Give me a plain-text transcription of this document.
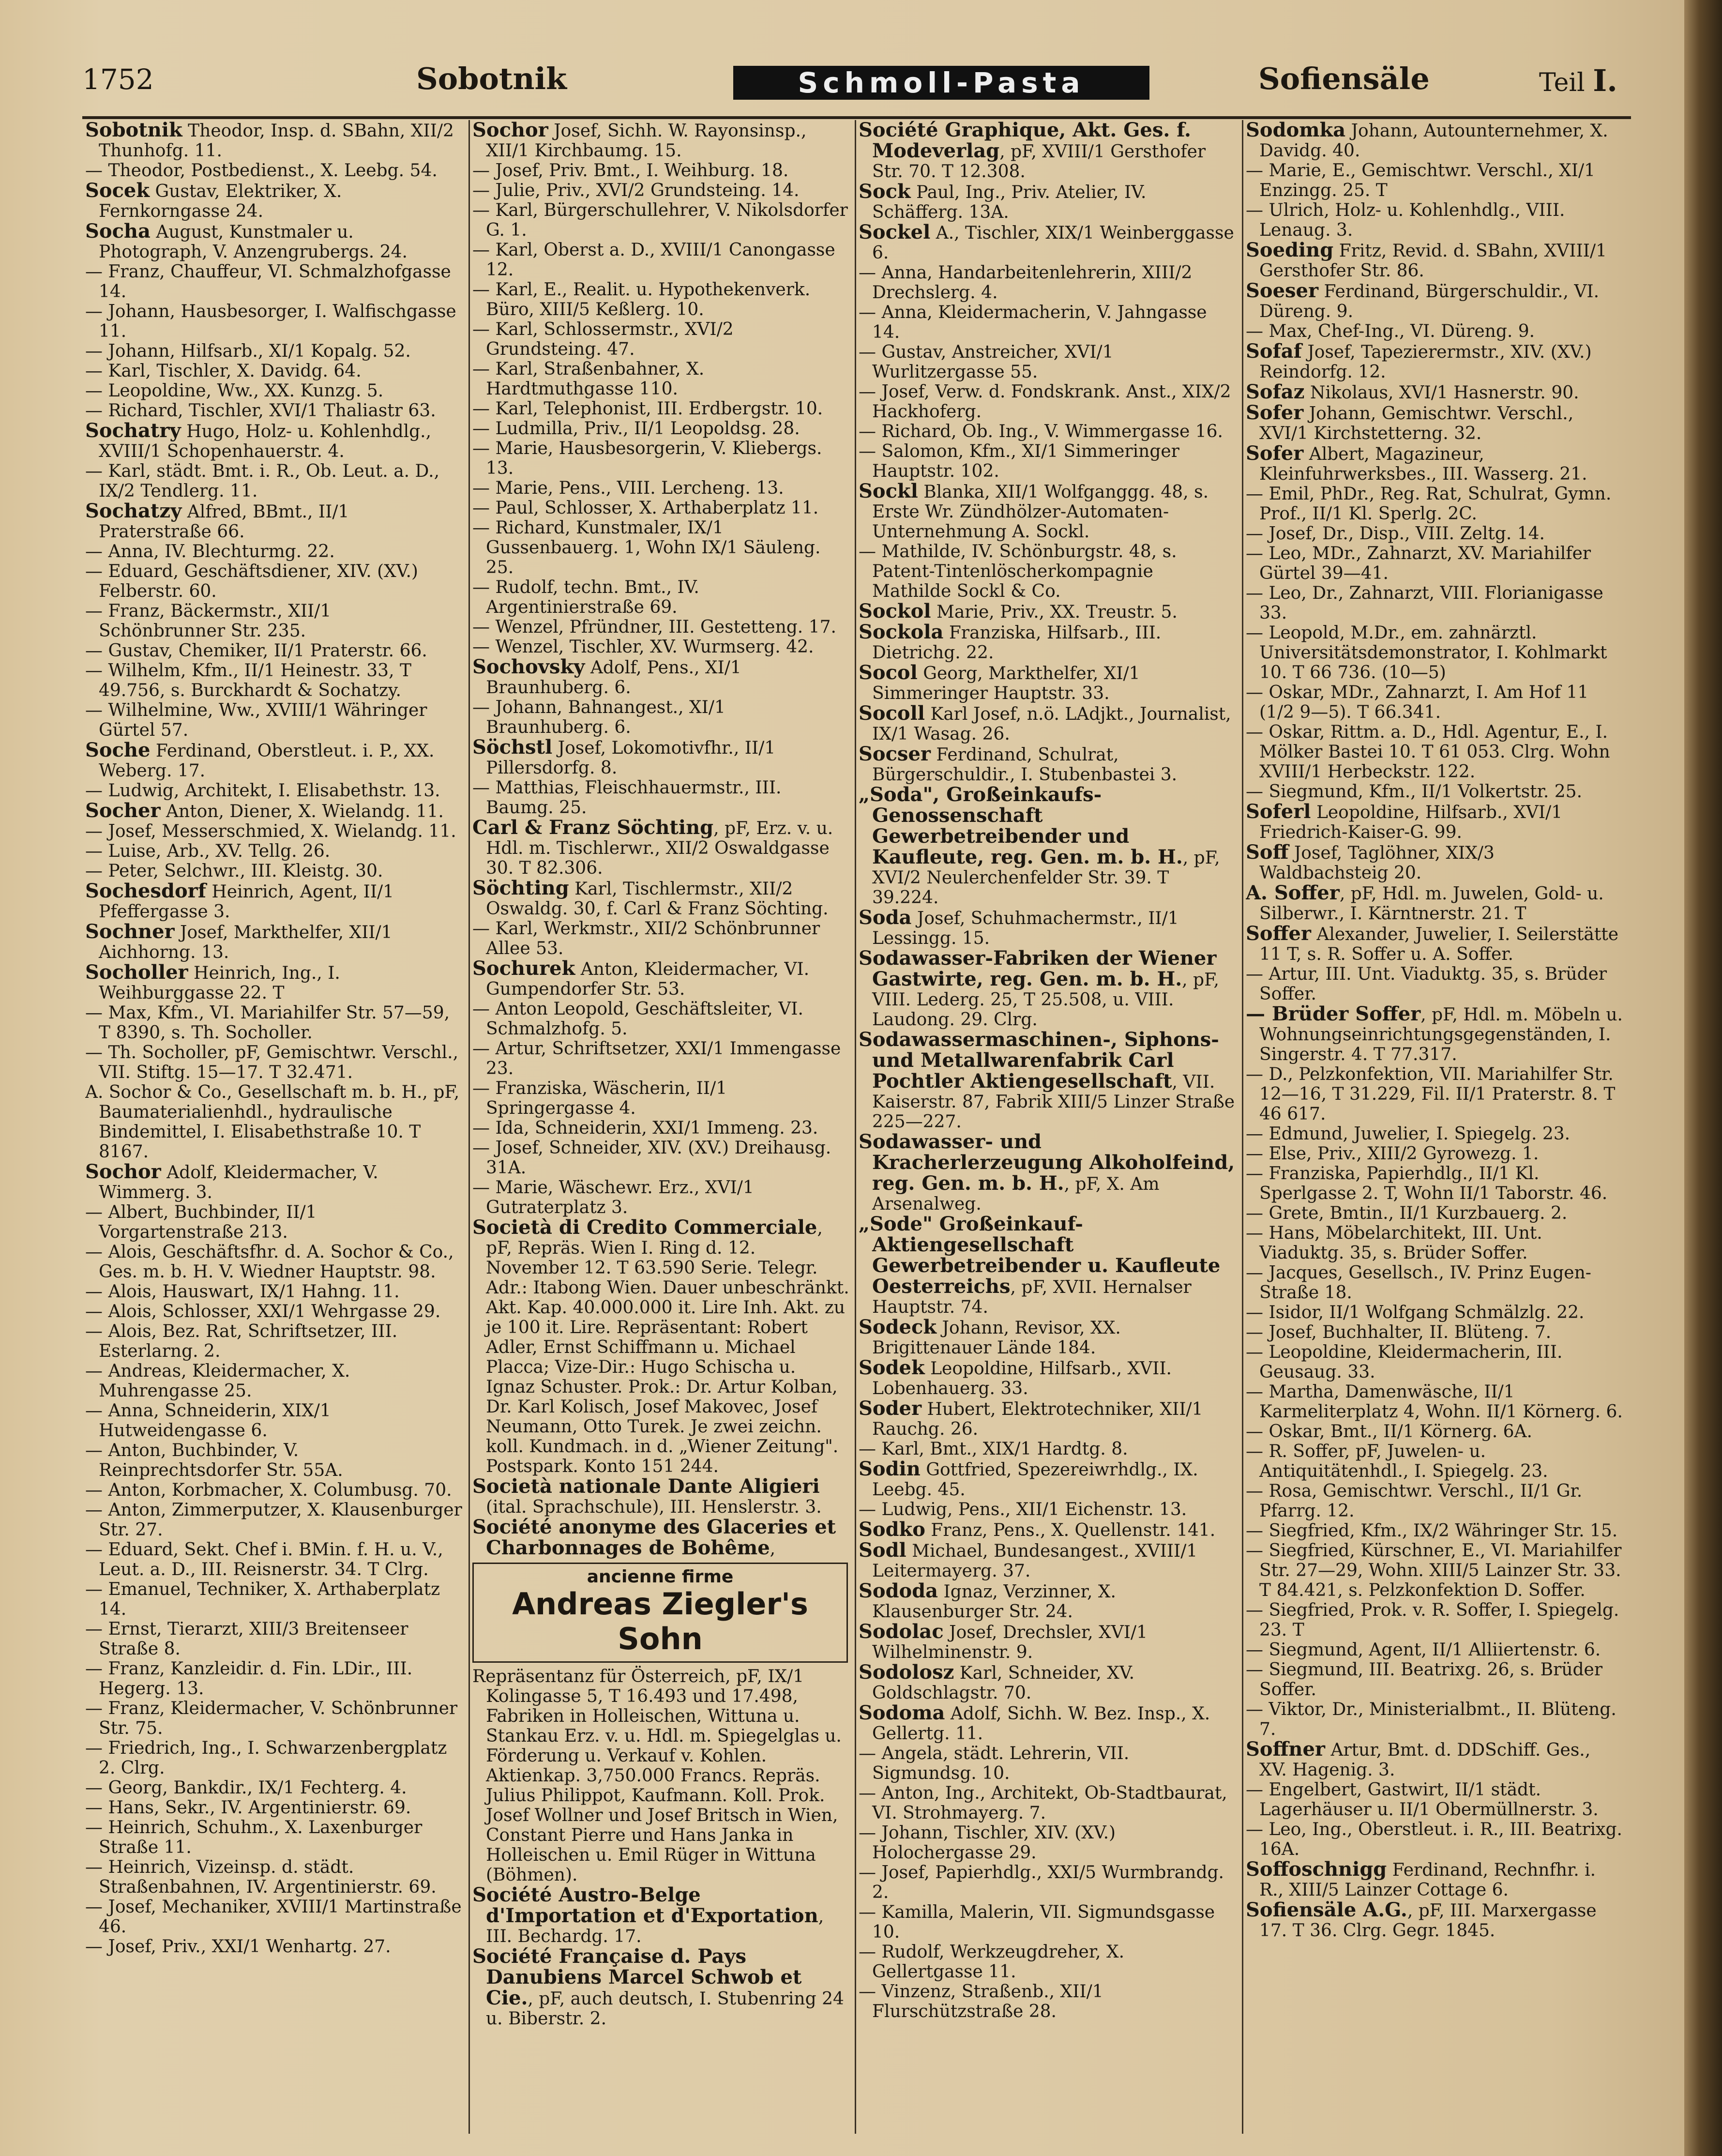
1752	Sobotnik	Schmoll-Pasta	Sofiensäle	Teil I.

Sobotnik Theodor, Insp. d. SBahn, XII/2 Thunhofg. 11.

— Theodor, Postbedienst., X. Leebg. 54.

Socek Gustav, Elektriker, X. Fernkorngasse 24.

Socha August, Kunstmaler u. Photograph, V. Anzengrubergs. 24.

— Franz, Chauffeur, VI. Schmalzhofgasse 14.

— Johann, Hausbesorger, I. Walfischgasse 11.

— Johann, Hilfsarb., XI/1 Kopalg. 52.

— Karl, Tischler, X. Davidg. 64.

— Leopoldine, Ww., XX. Kunzg. 5.

— Richard, Tischler, XVI/1 Thaliastr 63.

Sochatry Hugo, Holz- u. Kohlenhdlg., XVIII/1 Schopenhauerstr. 4.

— Karl, städt. Bmt. i. R., Ob. Leut. a. D., IX/2 Tendlerg. 11.

Sochatzy Alfred, BBmt., II/1 Praterstraße 66.

— Anna, IV. Blechturmg. 22.

— Eduard, Geschäftsdiener, XIV. (XV.) Felberstr. 60.

— Franz, Bäckermstr., XII/1 Schönbrunner Str. 235.

— Gustav, Chemiker, II/1 Praterstr. 66.

— Wilhelm, Kfm., II/1 Heinestr. 33, T 49.756, s. Burckhardt & Sochatzy.

— Wilhelmine, Ww., XVIII/1 Währinger Gürtel 57.

Soche Ferdinand, Oberstleut. i. P., XX. Weberg. 17.

— Ludwig, Architekt, I. Elisabethstr. 13.

Socher Anton, Diener, X. Wielandg. 11.

— Josef, Messerschmied, X. Wielandg. 11.

— Luise, Arb., XV. Tellg. 26.

— Peter, Selchwr., III. Kleistg. 30.

Sochesdorf Heinrich, Agent, II/1 Pfeffergasse 3.

Sochner Josef, Markthelfer, XII/1 Aichhorng. 13.

Socholler Heinrich, Ing., I. Weihburggasse 22. T

— Max, Kfm., VI. Mariahilfer Str. 57—59, T 8390, s. Th. Socholler.

— Th. Socholler, pF, Gemischtwr. Verschl., VII. Stiftg. 15—17. T 32.471.

A. Sochor & Co., Gesellschaft m. b. H., pF, Baumaterialienhdl., hydraulische Bindemittel, I. Elisabethstraße 10. T 8167.

Sochor Adolf, Kleidermacher, V. Wimmerg. 3.

— Albert, Buchbinder, II/1 Vorgartenstraße 213.

— Alois, Geschäftsfhr. d. A. Sochor & Co., Ges. m. b. H. V. Wiedner Hauptstr. 98.

— Alois, Hauswart, IX/1 Hahng. 11.

— Alois, Schlosser, XXI/1 Wehrgasse 29.

— Alois, Bez. Rat, Schriftsetzer, III. Esterlarng. 2.

— Andreas, Kleidermacher, X. Muhrengasse 25.

— Anna, Schneiderin, XIX/1 Hutweidengasse 6.

— Anton, Buchbinder, V. Reinprechtsdorfer Str. 55A.

— Anton, Korbmacher, X. Columbusg. 70.

— Anton, Zimmerputzer, X. Klausenburger Str. 27.

— Eduard, Sekt. Chef i. BMin. f. H. u. V., Leut. a. D., III. Reisnerstr. 34. T Clrg.

— Emanuel, Techniker, X. Arthaberplatz 14.

— Ernst, Tierarzt, XIII/3 Breitenseer Straße 8.

— Franz, Kanzleidir. d. Fin. LDir., III. Hegerg. 13.

— Franz, Kleidermacher, V. Schönbrunner Str. 75.

— Friedrich, Ing., I. Schwarzenbergplatz 2. Clrg.

— Georg, Bankdir., IX/1 Fechterg. 4.

— Hans, Sekr., IV. Argentinierstr. 69.

— Heinrich, Schuhm., X. Laxenburger Straße 11.

— Heinrich, Vizeinsp. d. städt. Straßenbahnen, IV. Argentinierstr. 69.

— Josef, Mechaniker, XVIII/1 Martinstraße 46.

— Josef, Priv., XXI/1 Wenhartg. 27.

Sochor Josef, Sichh. W. Rayonsinsp., XII/1 Kirchbaumg. 15.

— Josef, Priv. Bmt., I. Weihburg. 18.

— Julie, Priv., XVI/2 Grundsteing. 14.

— Karl, Bürgerschullehrer, V. Nikolsdorfer G. 1.

— Karl, Oberst a. D., XVIII/1 Canongasse 12.

— Karl, E., Realit. u. Hypothekenverk. Büro, XIII/5 Keßlerg. 10.

— Karl, Schlossermstr., XVI/2 Grundsteing. 47.

— Karl, Straßenbahner, X. Hardtmuthgasse 110.

— Karl, Telephonist, III. Erdbergstr. 10.

— Ludmilla, Priv., II/1 Leopoldsg. 28.

— Marie, Hausbesorgerin, V. Kliebergs. 13.

— Marie, Pens., VIII. Lercheng. 13.

— Paul, Schlosser, X. Arthaberplatz 11.

— Richard, Kunstmaler, IX/1 Gussenbauerg. 1, Wohn IX/1 Säuleng. 25.

— Rudolf, techn. Bmt., IV. Argentinierstraße 69.

— Wenzel, Pfründner, III. Gestetteng. 17.

— Wenzel, Tischler, XV. Wurmserg. 42.

Sochovsky Adolf, Pens., XI/1 Braunhuberg. 6.

— Johann, Bahnangest., XI/1 Braunhuberg. 6.

Söchstl Josef, Lokomotivfhr., II/1 Pillersdorfg. 8.

— Matthias, Fleischhauermstr., III. Baumg. 25.

Carl & Franz Söchting, pF, Erz. v. u. Hdl. m. Tischlerwr., XII/2 Oswaldgasse 30. T 82.306.

Söchting Karl, Tischlermstr., XII/2 Oswaldg. 30, f. Carl & Franz Söchting.

— Karl, Werkmstr., XII/2 Schönbrunner Allee 53.

Sochurek Anton, Kleidermacher, VI. Gumpendorfer Str. 53.

— Anton Leopold, Geschäftsleiter, VI. Schmalzhofg. 5.

— Artur, Schriftsetzer, XXI/1 Immengasse 23.

— Franziska, Wäscherin, II/1 Springergasse 4.

— Ida, Schneiderin, XXI/1 Immeng. 23.

— Josef, Schneider, XIV. (XV.) Dreihausg. 31A.

— Marie, Wäschewr. Erz., XVI/1 Gutraterplatz 3.

Società di Credito Commerciale, pF, Repräs. Wien I. Ring d. 12. November 12. T 63.590 Serie. Telegr. Adr.: Itabong Wien. Dauer unbeschränkt. Akt. Kap. 40.000.000 it. Lire Inh. Akt. zu je 100 it. Lire. Repräsentant: Robert Adler, Ernst Schiffmann u. Michael Placca; Vize-Dir.: Hugo Schischa u. Ignaz Schuster. Prok.: Dr. Artur Kolban, Dr. Karl Kolisch, Josef Makovec, Josef Neumann, Otto Turek. Je zwei zeichn. koll. Kundmach. in d. „Wiener Zeitung". Postspark. Konto 151 244.

Società nationale Dante Aligieri (ital. Sprachschule), III. Henslerstr. 3.

Société anonyme des Glaceries et Charbonnages de Bohême,

ancienne firme
Andreas Ziegler's Sohn

Repräsentanz für Österreich, pF, IX/1 Kolingasse 5, T 16.493 und 17.498, Fabriken in Holleischen, Wittuna u. Stankau Erz. v. u. Hdl. m. Spiegelglas u. Förderung u. Verkauf v. Kohlen. Aktienkap. 3,750.000 Francs. Repräs. Julius Philippot, Kaufmann. Koll. Prok. Josef Wollner und Josef Britsch in Wien, Constant Pierre und Hans Janka in Holleischen u. Emil Rüger in Wittuna (Böhmen).

Société Austro-Belge d'Importation et d'Exportation, III. Bechardg. 17.

Société Française d. Pays Danubiens Marcel Schwob et Cie., pF, auch deutsch, I. Stubenring 24 u. Biberstr. 2.

Société Graphique, Akt. Ges. f. Modeverlag, pF, XVIII/1 Gersthofer Str. 70. T 12.308.

Sock Paul, Ing., Priv. Atelier, IV. Schäfferg. 13A.

Sockel A., Tischler, XIX/1 Weinberggasse 6.

— Anna, Handarbeitenlehrerin, XIII/2 Drechslerg. 4.

— Anna, Kleidermacherin, V. Jahngasse 14.

— Gustav, Anstreicher, XVI/1 Wurlitzergasse 55.

— Josef, Verw. d. Fondskrank. Anst., XIX/2 Hackhoferg.

— Richard, Ob. Ing., V. Wimmergasse 16.

— Salomon, Kfm., XI/1 Simmeringer Hauptstr. 102.

Sockl Blanka, XII/1 Wolfganggg. 48, s. Erste Wr. Zündhölzer-Automaten-Unternehmung A. Sockl.

— Mathilde, IV. Schönburgstr. 48, s. Patent-Tintenlöscherkompagnie Mathilde Sockl & Co.

Sockol Marie, Priv., XX. Treustr. 5.

Sockola Franziska, Hilfsarb., III. Dietrichg. 22.

Socol Georg, Markthelfer, XI/1 Simmeringer Hauptstr. 33.

Socoll Karl Josef, n.ö. LAdjkt., Journalist, IX/1 Wasag. 26.

Socser Ferdinand, Schulrat, Bürgerschuldir., I. Stubenbastei 3.

„Soda", Großeinkaufs-Genossenschaft Gewerbetreibender und Kaufleute, reg. Gen. m. b. H., pF, XVI/2 Neulerchenfelder Str. 39. T 39.224.

Soda Josef, Schuhmachermstr., II/1 Lessingg. 15.

Sodawasser-Fabriken der Wiener Gastwirte, reg. Gen. m. b. H., pF, VIII. Lederg. 25, T 25.508, u. VIII. Laudong. 29. Clrg.

Sodawassermaschinen-, Siphons- und Metallwarenfabrik Carl Pochtler Aktiengesellschaft, VII. Kaiserstr. 87, Fabrik XIII/5 Linzer Straße 225—227.

Sodawasser- und Kracherlerzeugung Alkoholfeind, reg. Gen. m. b. H., pF, X. Am Arsenalweg.

„Sode" Großeinkauf-Aktiengesellschaft Gewerbetreibender u. Kaufleute Oesterreichs, pF, XVII. Hernalser Hauptstr. 74.

Sodeck Johann, Revisor, XX. Brigittenauer Lände 184.

Sodek Leopoldine, Hilfsarb., XVII. Lobenhauerg. 33.

Soder Hubert, Elektrotechniker, XII/1 Rauchg. 26.

— Karl, Bmt., XIX/1 Hardtg. 8.

Sodin Gottfried, Spezereiwrhdlg., IX. Leebg. 45.

— Ludwig, Pens., XII/1 Eichenstr. 13.

Sodko Franz, Pens., X. Quellenstr. 141.

Sodl Michael, Bundesangest., XVIII/1 Leitermayerg. 37.

Sododa Ignaz, Verzinner, X. Klausenburger Str. 24.

Sodolac Josef, Drechsler, XVI/1 Wilhelminenstr. 9.

Sodolosz Karl, Schneider, XV. Goldschlagstr. 70.

Sodoma Adolf, Sichh. W. Bez. Insp., X. Gellertg. 11.

— Angela, städt. Lehrerin, VII. Sigmundsg. 10.

— Anton, Ing., Architekt, Ob-Stadtbaurat, VI. Strohmayerg. 7.

— Johann, Tischler, XIV. (XV.) Holochergasse 29.

— Josef, Papierhdlg., XXI/5 Wurmbrandg. 2.

— Kamilla, Malerin, VII. Sigmundsgasse 10.

— Rudolf, Werkzeugdreher, X. Gellertgasse 11.

— Vinzenz, Straßenb., XII/1 Flurschützstraße 28.

Sodomka Johann, Autounternehmer, X. Davidg. 40.

— Marie, E., Gemischtwr. Verschl., XI/1 Enzingg. 25. T

— Ulrich, Holz- u. Kohlenhdlg., VIII. Lenaug. 3.

Soeding Fritz, Revid. d. SBahn, XVIII/1 Gersthofer Str. 86.

Soeser Ferdinand, Bürgerschuldir., VI. Düreng. 9.

— Max, Chef-Ing., VI. Düreng. 9.

Sofaf Josef, Tapezierermstr., XIV. (XV.) Reindorfg. 12.

Sofaz Nikolaus, XVI/1 Hasnerstr. 90.

Sofer Johann, Gemischtwr. Verschl., XVI/1 Kirchstetterng. 32.

Sofer Albert, Magazineur, Kleinfuhrwerksbes., III. Wasserg. 21.

— Emil, PhDr., Reg. Rat, Schulrat, Gymn. Prof., II/1 Kl. Sperlg. 2C.

— Josef, Dr., Disp., VIII. Zeltg. 14.

— Leo, MDr., Zahnarzt, XV. Mariahilfer Gürtel 39—41.

— Leo, Dr., Zahnarzt, VIII. Florianigasse 33.

— Leopold, M.Dr., em. zahnärztl. Universitätsdemonstrator, I. Kohlmarkt 10. T 66 736. (10—5)

— Oskar, MDr., Zahnarzt, I. Am Hof 11 (1/2 9—5). T 66.341.

— Oskar, Rittm. a. D., Hdl. Agentur, E., I. Mölker Bastei 10. T 61 053. Clrg. Wohn XVIII/1 Herbeckstr. 122.

— Siegmund, Kfm., II/1 Volkertstr. 25.

Soferl Leopoldine, Hilfsarb., XVI/1 Friedrich-Kaiser-G. 99.

Soff Josef, Taglöhner, XIX/3 Waldbachsteig 20.

A. Soffer, pF, Hdl. m. Juwelen, Gold- u. Silberwr., I. Kärntnerstr. 21. T

Soffer Alexander, Juwelier, I. Seilerstätte 11 T, s. R. Soffer u. A. Soffer.

— Artur, III. Unt. Viaduktg. 35, s. Brüder Soffer.

— Brüder Soffer, pF, Hdl. m. Möbeln u. Wohnungseinrichtungsgegenständen, I. Singerstr. 4. T 77.317.

— D., Pelzkonfektion, VII. Mariahilfer Str. 12—16, T 31.229, Fil. II/1 Praterstr. 8. T 46 617.

— Edmund, Juwelier, I. Spiegelg. 23.

— Else, Priv., XIII/2 Gyrowezg. 1.

— Franziska, Papierhdlg., II/1 Kl. Sperlgasse 2. T, Wohn II/1 Taborstr. 46.

— Grete, Bmtin., II/1 Kurzbauerg. 2.

— Hans, Möbelarchitekt, III. Unt. Viaduktg. 35, s. Brüder Soffer.

— Jacques, Gesellsch., IV. Prinz Eugen-Straße 18.

— Isidor, II/1 Wolfgang Schmälzlg. 22.

— Josef, Buchhalter, II. Blüteng. 7.

— Leopoldine, Kleidermacherin, III. Geusaug. 33.

— Martha, Damenwäsche, II/1 Karmeliterplatz 4, Wohn. II/1 Körnerg. 6.

— Oskar, Bmt., II/1 Körnerg. 6A.

— R. Soffer, pF, Juwelen- u. Antiquitätenhdl., I. Spiegelg. 23.

— Rosa, Gemischtwr. Verschl., II/1 Gr. Pfarrg. 12.

— Siegfried, Kfm., IX/2 Währinger Str. 15.

— Siegfried, Kürschner, E., VI. Mariahilfer Str. 27—29, Wohn. XIII/5 Lainzer Str. 33. T 84.421, s. Pelzkonfektion D. Soffer.

— Siegfried, Prok. v. R. Soffer, I. Spiegelg. 23. T

— Siegmund, Agent, II/1 Alliiertenstr. 6.

— Siegmund, III. Beatrixg. 26, s. Brüder Soffer.

— Viktor, Dr., Ministerialbmt., II. Blüteng. 7.

Soffner Artur, Bmt. d. DDSchiff. Ges., XV. Hagenig. 3.

— Engelbert, Gastwirt, II/1 städt. Lagerhäuser u. II/1 Obermüllnerstr. 3.

— Leo, Ing., Oberstleut. i. R., III. Beatrixg. 16A.

Soffoschnigg Ferdinand, Rechnfhr. i. R., XIII/5 Lainzer Cottage 6.

Sofiensäle A.G., pF, III. Marxergasse 17. T 36. Clrg. Gegr. 1845.
